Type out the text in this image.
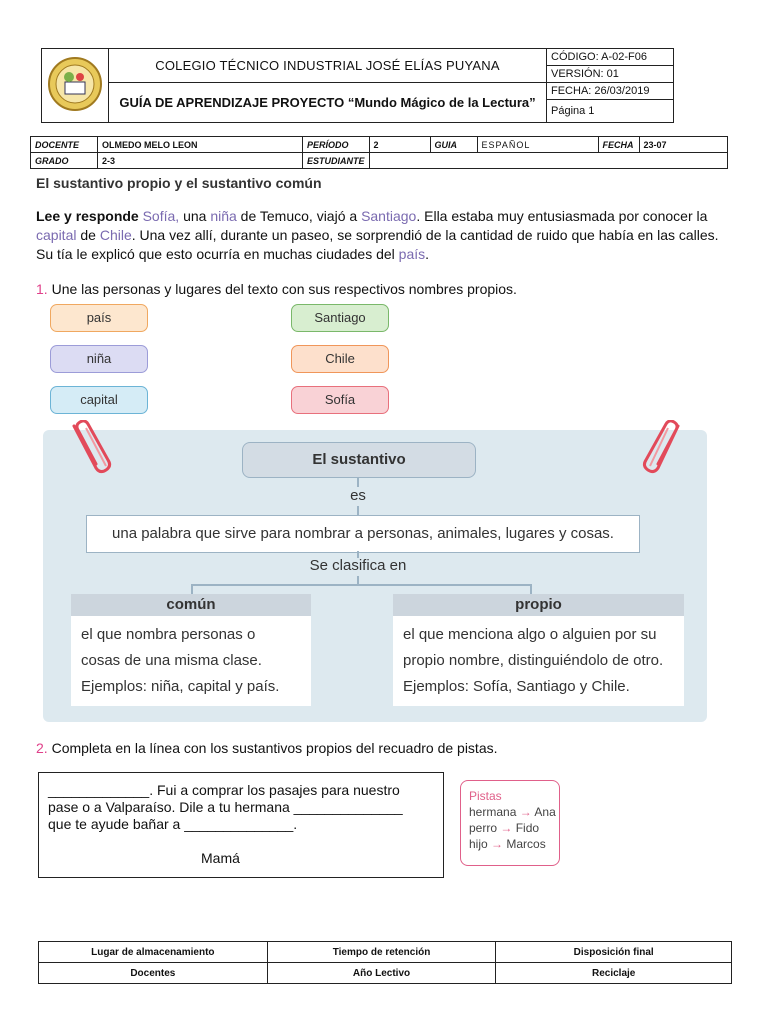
	COLEGIO TÉCNICO INDUSTRIAL JOSÉ ELÍAS PUYANA	CÓDIGO: A-02-F06
		VERSIÓN: 01
	GUÍA DE APRENDIZAJE PROYECTO “Mundo Mágico de la Lectura”	FECHA: 26/03/2019
		Página 1
DOCENTE	OLMEDO MELO LEON	PERÍODO	2	GUIA	ESPAÑOL	FECHA	23-07
GRADO	2-3	ESTUDIANTE					
El sustantivo propio y el sustantivo común
Lee y responde Sofía, una niña de Temuco, viajó a Santiago. Ella estaba muy entusiasmada por conocer la capital de Chile. Una vez allí, durante un paseo, se sorprendió de la cantidad de ruido que había en las calles. Su tía le explicó que esto ocurría en muchas ciudades del país.
1. Une las personas y lugares del texto con sus respectivos nombres propios.
país
niña
capital
Santiago
Chile
Sofía
El sustantivo
es
una palabra que sirve para nombrar a personas, animales, lugares y cosas.
Se clasifica en
común
el que nombra personas o
cosas de una misma clase.
Ejemplos: niña, capital y país.
propio
el que menciona algo o alguien por su
propio nombre, distinguiéndolo de otro.
Ejemplos: Sofía, Santiago y Chile.
2. Completa en la línea con los sustantivos propios del recuadro de pistas.

_____________. Fui a comprar los pasajes para nuestro

pase o a Valparaíso. Dile a tu hermana ______________

que te ayude bañar a ______________.

Mamá

Pistas
hermana → Ana
perro → Fido
hijo → Marcos
Lugar de almacenamiento	Tiempo de retención	Disposición final
Docentes	Año Lectivo	Reciclaje
